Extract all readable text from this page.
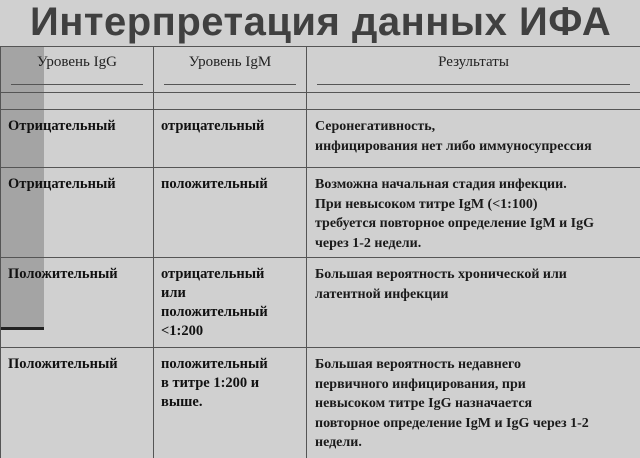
Интерпретация данных ИФА
Уровень IgG	Уровень IgM	Результаты

Отрицательный	отрицательный	Серонегативность,
инфицирования нет либо иммуносупрессия

Отрицательный	положительный	Возможна начальная стадия инфекции.
При невысоком титре IgM (<1:100)
требуется повторное определение IgM и IgG
через 1-2 недели.

Положительный	отрицательный
или
положительный
<1:200	Большая вероятность хронической или
латентной инфекции

Положительный	положительный
в титре 1:200 и
выше.	Большая вероятность недавнего
первичного инфицирования, при
невысоком титре IgG назначается
повторное определение IgM и IgG через 1-2
недели.
